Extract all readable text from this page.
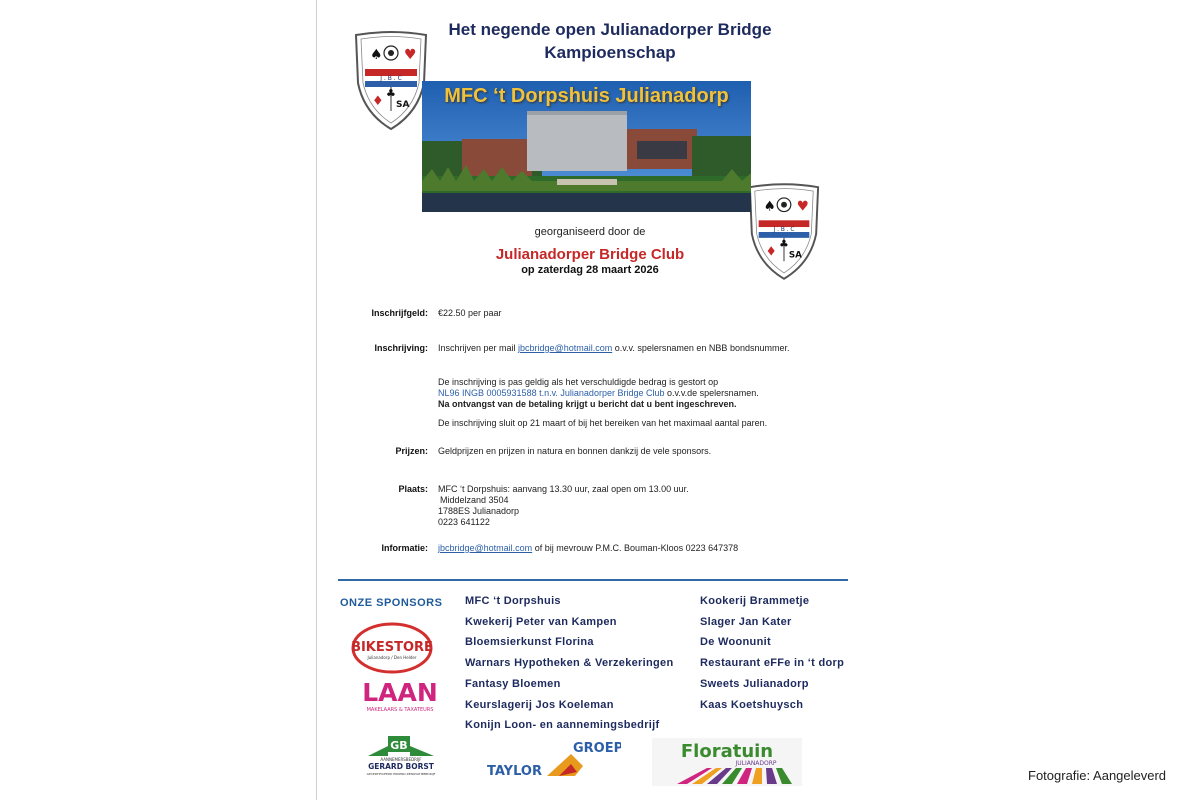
Het negende open Julianadorper Bridge
Kampioenschap
♠ ♥
J . B . C
♦
♣
SA
♠ ♥
J . B . C
♦ ♣
SA
MFC ‘t Dorpshuis Julianadorp
georganiseerd door de
Julianadorper Bridge Club
op zaterdag 28 maart 2026
Inschrijfgeld: €22.50 per paar
Inschrijving: Inschrijven per mail jbcbridge@hotmail.com o.v.v. spelersnamen en NBB bondsnummer.
De inschrijving is pas geldig als het verschuldigde bedrag is gestort op
NL96 INGB 0005931588 t.n.v. Julianadorper Bridge Club o.v.v.de spelersnamen.
Na ontvangst van de betaling krijgt u bericht dat u bent ingeschreven.
De inschrijving sluit op 21 maart of bij het bereiken van het maximaal aantal paren.
Prijzen: Geldprijzen en prijzen in natura en bonnen dankzij de vele sponsors.
Plaats: MFC ‘t Dorpshuis: aanvang 13.30 uur, zaal open om 13.00 uur.
Middelzand 3504
1788ES Julianadorp
0223 641122
Informatie: jbcbridge@hotmail.com of bij mevrouw P.M.C. Bouman-Kloos 0223 647378
ONZE SPONSORS MFC ‘t Dorpshuis
Kwekerij Peter van Kampen
Bloemsierkunst Florina
Warnars Hypotheken & Verzekeringen
Fantasy Bloemen
Keurslagerij Jos Koeleman
Konijn Loon- en aannemingsbedrijf
Kookerij Brammetje
Slager Jan Kater
De Woonunit
Restaurant eFFe in ‘t dorp
Sweets Julianadorp
Kaas Koetshuysch
BIKESTORE
Julianadorp / Den Helder
LAAN
MAKELAARS & TAXATEURS
GB
AANNEMERSBEDRIJF
GERARD BORST
GECERTIFICEERD ERKEND RENOVATIEBEDRIJF
GROEP
TAYLOR
Floratuin
JULIANADORP
Fotografie: Aangeleverd
